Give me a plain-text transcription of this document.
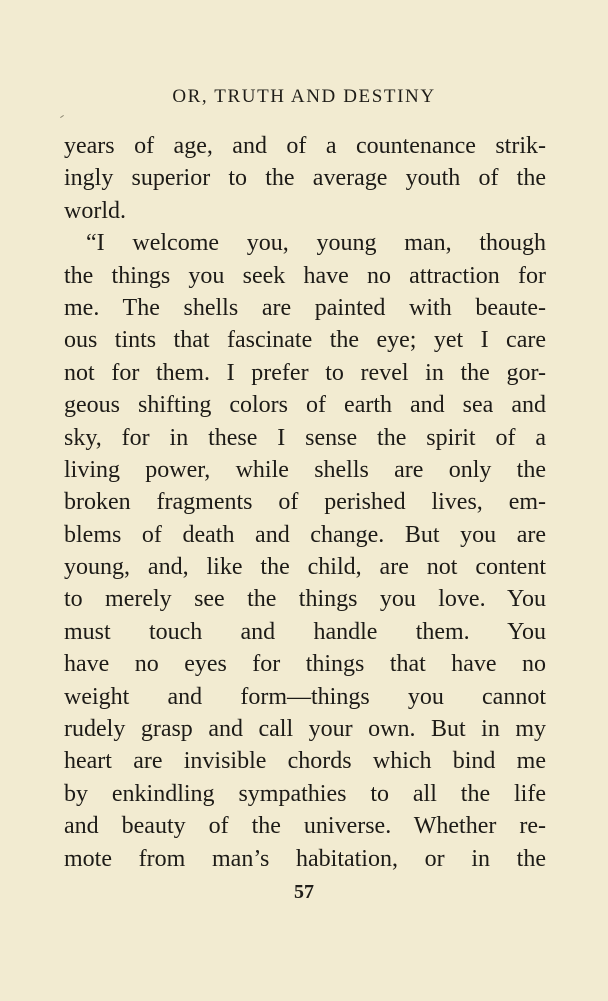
OR, TRUTH AND DESTINY
years of age, and of a countenance strik-
ingly superior to the average youth of the
world.
“I welcome you, young man, though
the things you seek have no attraction for
me. The shells are painted with beaute-
ous tints that fascinate the eye; yet I care
not for them. I prefer to revel in the gor-
geous shifting colors of earth and sea and
sky, for in these I sense the spirit of a
living power, while shells are only the
broken fragments of perished lives, em-
blems of death and change. But you are
young, and, like the child, are not content
to merely see the things you love. You
must touch and handle them. You
have no eyes for things that have no
weight and form—things you cannot
rudely grasp and call your own. But in my
heart are invisible chords which bind me
by enkindling sympathies to all the life
and beauty of the universe. Whether re-
mote from man’s habitation, or in the
57
